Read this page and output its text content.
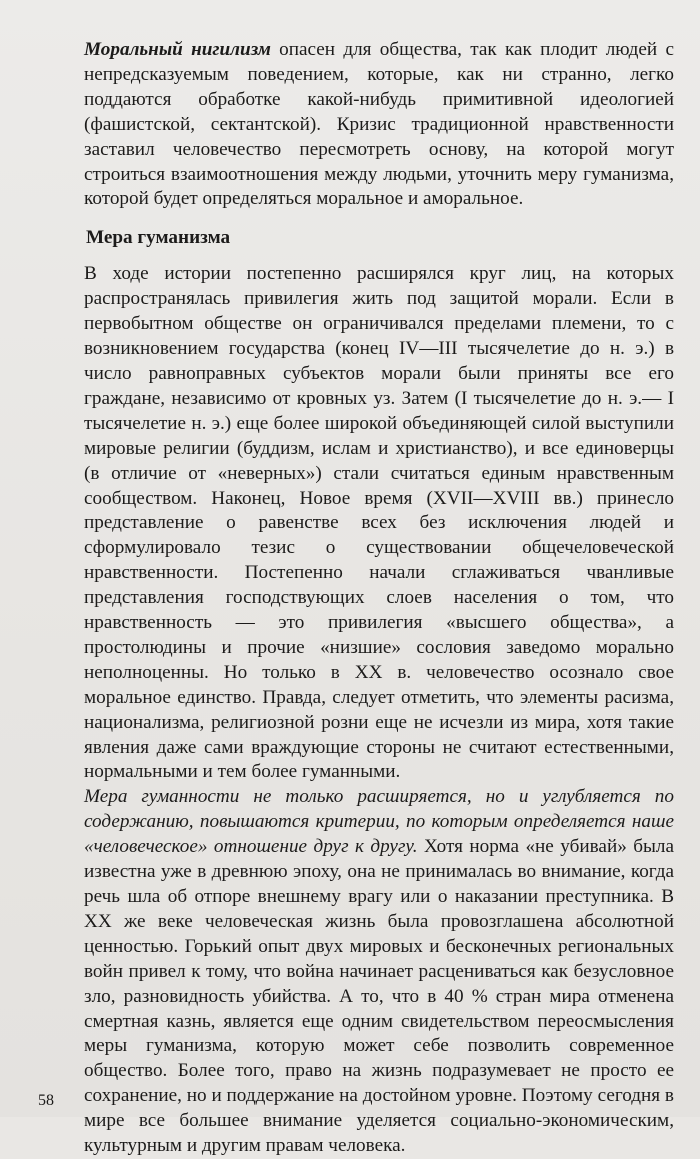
Моральный нигилизм опасен для общества, так как плодит людей с непредсказуемым поведением, которые, как ни странно, легко поддаются обработке какой-нибудь примитивной идеологией (фашистской, сектантской). Кризис традиционной нравственности заставил человечество пересмотреть основу, на которой могут строиться взаимоотношения между людьми, уточнить меру гуманизма, которой будет определяться моральное и аморальное.

Мера гуманизма

В ходе истории постепенно расширялся круг лиц, на которых распространялась привилегия жить под защитой морали. Если в первобытном обществе он ограничивался пределами племени, то с возникновением государства (конец IV—III тысячелетие до н. э.) в число равноправных субъектов морали были приняты все его граждане, независимо от кровных уз. Затем (I тысячелетие до н. э.— I тысячелетие н. э.) еще более широкой объединяющей силой выступили мировые религии (буддизм, ислам и христианство), и все единоверцы (в отличие от «неверных») стали считаться единым нравственным сообществом. Наконец, Новое время (XVII—XVIII вв.) принесло представление о равенстве всех без исключения людей и сформулировало тезис о существовании общечеловеческой нравственности. Постепенно начали сглаживаться чванливые представления господствующих слоев населения о том, что нравственность — это привилегия «высшего общества», а простолюдины и прочие «низшие» сословия заведомо морально неполноценны. Но только в XX в. человечество осознало свое моральное единство. Правда, следует отметить, что элементы расизма, национализма, религиозной розни еще не исчезли из мира, хотя такие явления даже сами враждующие стороны не считают естественными, нормальными и тем более гуманными.

Мера гуманности не только расширяется, но и углубляется по содержанию, повышаются критерии, по которым определяется наше «человеческое» отношение друг к другу. Хотя норма «не убивай» была известна уже в древнюю эпоху, она не принималась во внимание, когда речь шла об отпоре внешнему врагу или о наказании преступника. В XX же веке человеческая жизнь была провозглашена абсолютной ценностью. Горький опыт двух мировых и бесконечных региональных войн привел к тому, что война начинает расцениваться как безусловное зло, разновидность убийства. А то, что в 40 % стран мира отменена смертная казнь, является еще одним свидетельством переосмысления меры гуманизма, которую может себе позволить современное общество. Более того, право на жизнь подразумевает не просто ее сохранение, но и поддержание на достойном уровне. Поэтому сегодня в мире все большее внимание уделяется социально-экономическим, культурным и другим правам человека.

58
